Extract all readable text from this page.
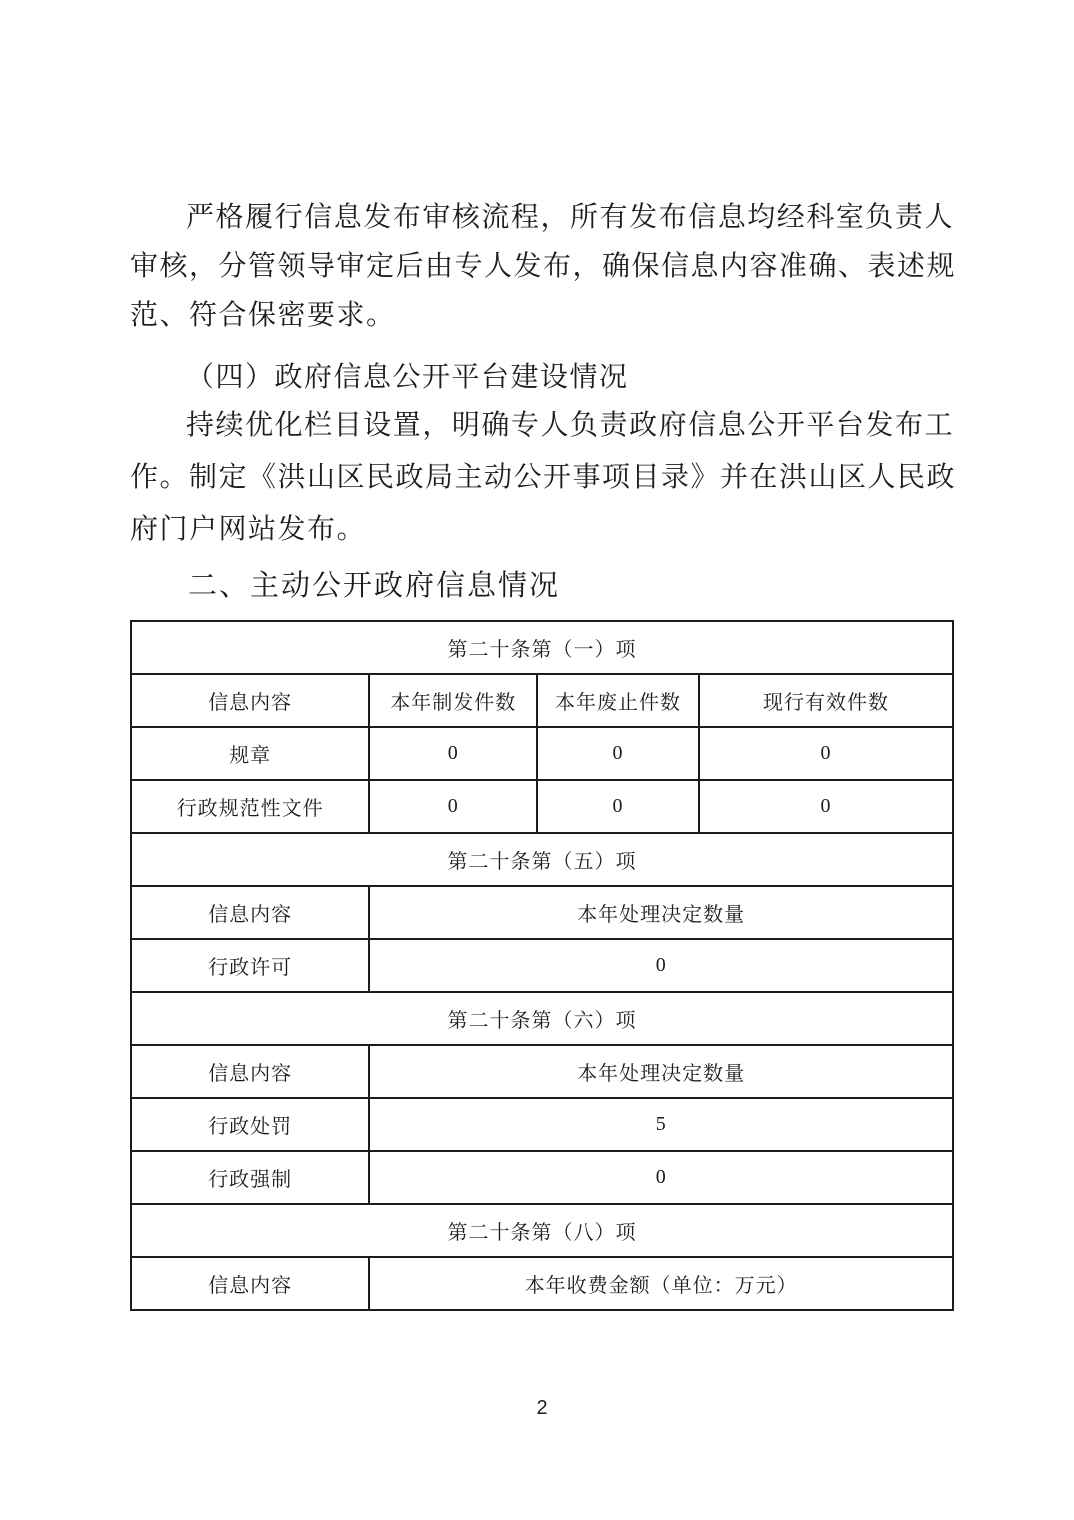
严格履行信息发布审核流程，所有发布信息均经科室负责人
审核，分管领导审定后由专人发布，确保信息内容准确、表述规
范、符合保密要求。
（四）政府信息公开平台建设情况
持续优化栏目设置，明确专人负责政府信息公开平台发布工
作。制定《洪山区民政局主动公开事项目录》并在洪山区人民政
府门户网站发布。
二、主动公开政府信息情况
第二十条第（一）项			
信息内容	本年制发件数	本年废止件数	现行有效件数
规章	0	0	0
行政规范性文件	0	0	0
第二十条第（五）项			
信息内容	本年处理决定数量		
行政许可	0		
第二十条第（六）项			
信息内容	本年处理决定数量		
行政处罚	5		
行政强制	0		
第二十条第（八）项			
信息内容	本年收费金额（单位：万元）		
2
